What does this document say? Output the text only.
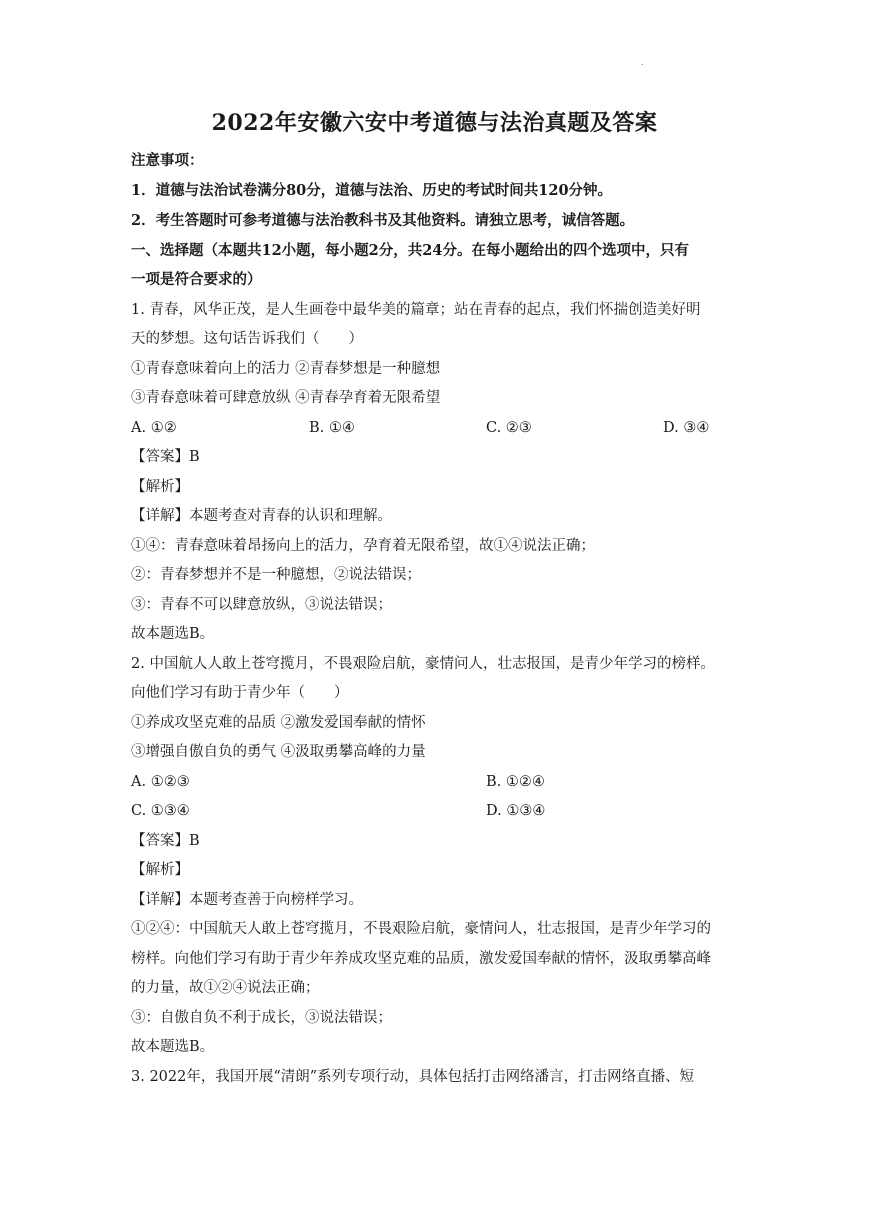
.
2022年安徽六安中考道德与法治真题及答案
注意事项：
1．道德与法治试卷满分80分，道德与法治、历史的考试时间共120分钟。
2．考生答题时可参考道德与法治教科书及其他资料。请独立思考，诚信答题。
一、选择题（本题共12小题，每小题2分，共24分。在每小题给出的四个选项中，只有
一项是符合要求的）
1. 青春，风华正茂，是人生画卷中最华美的篇章；站在青春的起点，我们怀揣创造美好明
天的梦想。这句话告诉我们（　　）
①青春意味着向上的活力 ②青春梦想是一种臆想
③青春意味着可肆意放纵 ④青春孕育着无限希望
A. ①②	B. ①④	C. ②③	D. ③④
【答案】B
【解析】
【详解】本题考查对青春的认识和理解。
①④：青春意味着昂扬向上的活力，孕育着无限希望，故①④说法正确；
②：青春梦想并不是一种臆想，②说法错误；
③：青春不可以肆意放纵，③说法错误；
故本题选B。
2. 中国航人人敢上苍穹揽月，不畏艰险启航，豪情问人，壮志报国，是青少年学习的榜样。
向他们学习有助于青少年（　　）
①养成攻坚克难的品质 ②激发爱国奉献的情怀
③增强自傲自负的勇气 ④汲取勇攀高峰的力量
A. ①②③	B. ①②④
C. ①③④	D. ①③④
【答案】B
【解析】
【详解】本题考查善于向榜样学习。
①②④：中国航天人敢上苍穹揽月，不畏艰险启航，豪情问人，壮志报国，是青少年学习的
榜样。向他们学习有助于青少年养成攻坚克难的品质，激发爱国奉献的情怀，汲取勇攀高峰
的力量，故①②④说法正确；
③：自傲自负不利于成长，③说法错误；
故本题选B。
3. 2022年，我国开展“清朗”系列专项行动，具体包括打击网络潘言，打击网络直播、短
